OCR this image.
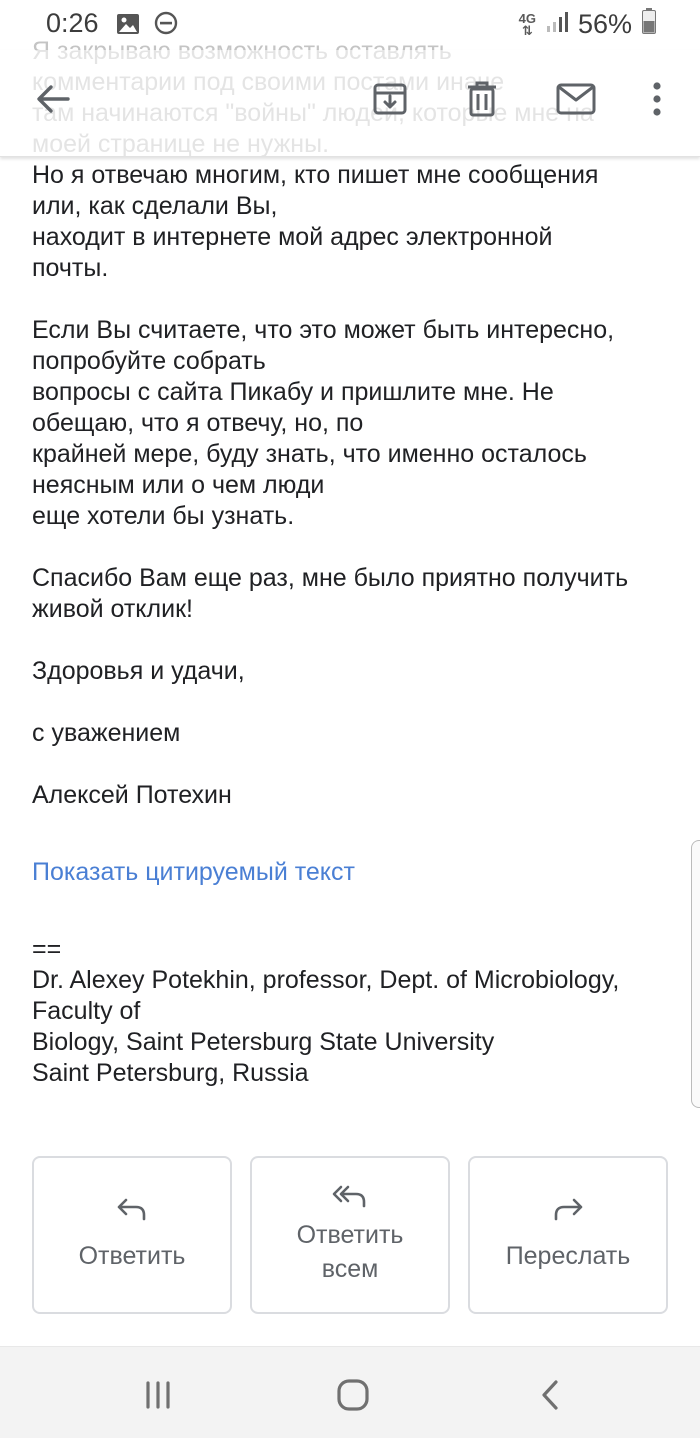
0:26	4G
⇅ 56%
Но я отвечаю многим, кто пишет мне сообщения
или, как сделали Вы,
находит в интернете мой адрес электронной
почты.
Если Вы считаете, что это может быть интересно,
попробуйте собрать
вопросы с сайта Пикабу и пришлите мне. Не
обещаю, что я отвечу, но, по
крайней мере, буду знать, что именно осталось
неясным или о чем люди
еще хотели бы узнать.
Спасибо Вам еще раз, мне было приятно получить
живой отклик!
Здоровья и удачи,
с уважением
Алексей Потехин
Показать цитируемый текст
==
Dr. Alexey Potekhin, professor, Dept. of Microbiology,
Faculty of
Biology, Saint Petersburg State University
Saint Petersburg, Russia
Ответить
Ответить
всем	Переслать
